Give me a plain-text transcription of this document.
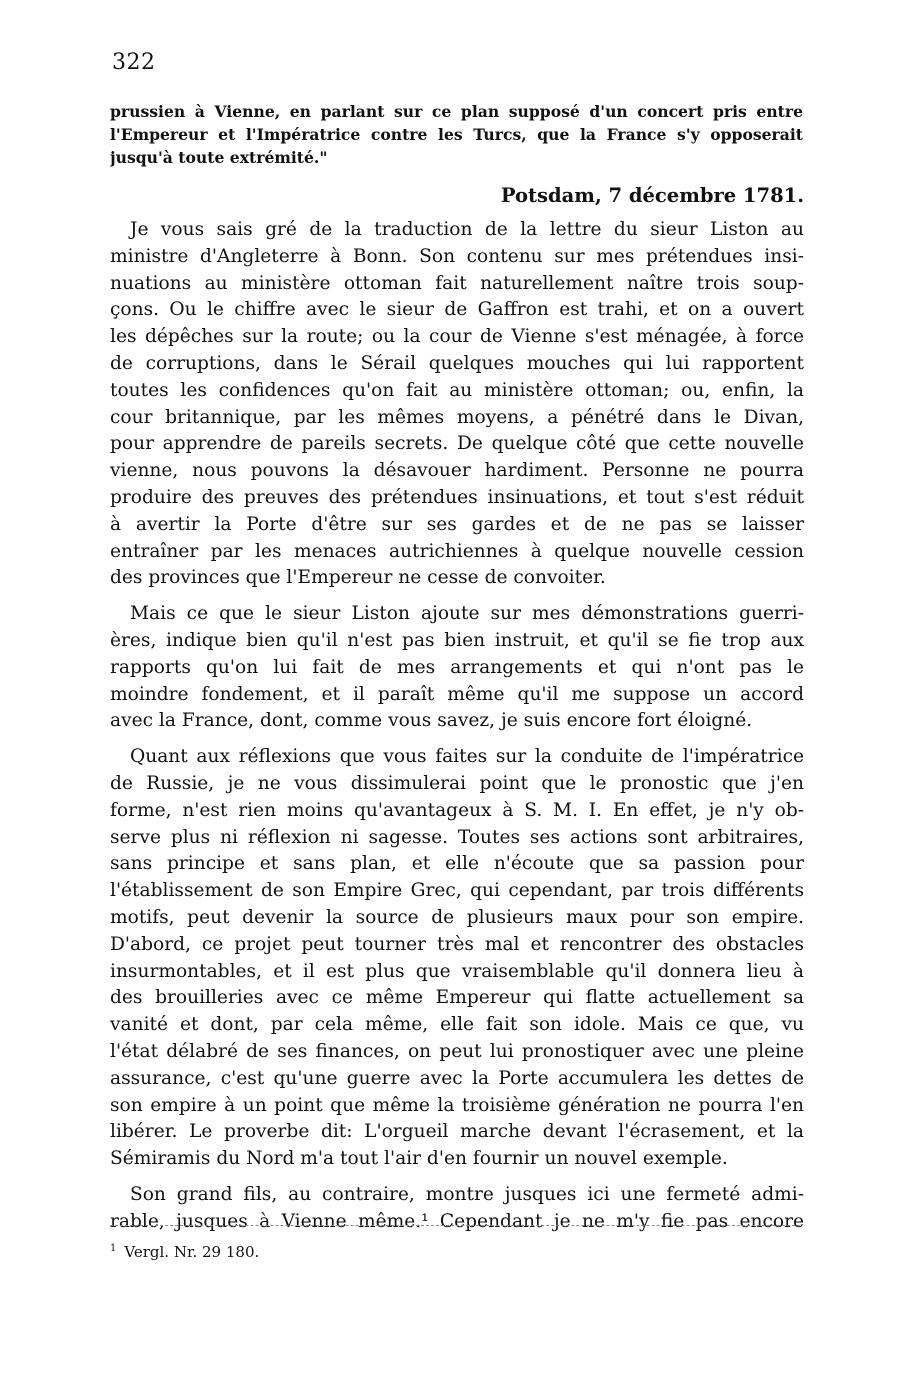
322
prussien à Vienne, en parlant sur ce plan supposé d'un concert pris entre
l'Empereur et l'Impératrice contre les Turcs, que la France s'y opposerait
jusqu'à toute extrémité."
Potsdam, 7 décembre 1781.
Je vous sais gré de la traduction de la lettre du sieur Liston au
ministre d'Angleterre à Bonn. Son contenu sur mes prétendues insi-
nuations au ministère ottoman fait naturellement naître trois soup-
çons. Ou le chiffre avec le sieur de Gaffron est trahi, et on a ouvert
les dépêches sur la route; ou la cour de Vienne s'est ménagée, à force
de corruptions, dans le Sérail quelques mouches qui lui rapportent
toutes les confidences qu'on fait au ministère ottoman; ou, enfin, la
cour britannique, par les mêmes moyens, a pénétré dans le Divan,
pour apprendre de pareils secrets. De quelque côté que cette nouvelle
vienne, nous pouvons la désavouer hardiment. Personne ne pourra
produire des preuves des prétendues insinuations, et tout s'est réduit
à avertir la Porte d'être sur ses gardes et de ne pas se laisser
entraîner par les menaces autrichiennes à quelque nouvelle cession
des provinces que l'Empereur ne cesse de convoiter.
Mais ce que le sieur Liston ajoute sur mes démonstrations guerri-
ères, indique bien qu'il n'est pas bien instruit, et qu'il se fie trop aux
rapports qu'on lui fait de mes arrangements et qui n'ont pas le
moindre fondement, et il paraît même qu'il me suppose un accord
avec la France, dont, comme vous savez, je suis encore fort éloigné.
Quant aux réflexions que vous faites sur la conduite de l'impératrice
de Russie, je ne vous dissimulerai point que le pronostic que j'en
forme, n'est rien moins qu'avantageux à S. M. I. En effet, je n'y ob-
serve plus ni réflexion ni sagesse. Toutes ses actions sont arbitraires,
sans principe et sans plan, et elle n'écoute que sa passion pour
l'établissement de son Empire Grec, qui cependant, par trois différents
motifs, peut devenir la source de plusieurs maux pour son empire.
D'abord, ce projet peut tourner très mal et rencontrer des obstacles
insurmontables, et il est plus que vraisemblable qu'il donnera lieu à
des brouilleries avec ce même Empereur qui flatte actuellement sa
vanité et dont, par cela même, elle fait son idole. Mais ce que, vu
l'état délabré de ses finances, on peut lui pronostiquer avec une pleine
assurance, c'est qu'une guerre avec la Porte accumulera les dettes de
son empire à un point que même la troisième génération ne pourra l'en
libérer. Le proverbe dit: L'orgueil marche devant l'écrasement, et la
Sémiramis du Nord m'a tout l'air d'en fournir un nouvel exemple.
Son grand fils, au contraire, montre jusques ici une fermeté admi-
rable, jusques à Vienne même.¹ Cependant je ne m'y fie pas encore
$^1$ Vergl. Nr. 29 180.
